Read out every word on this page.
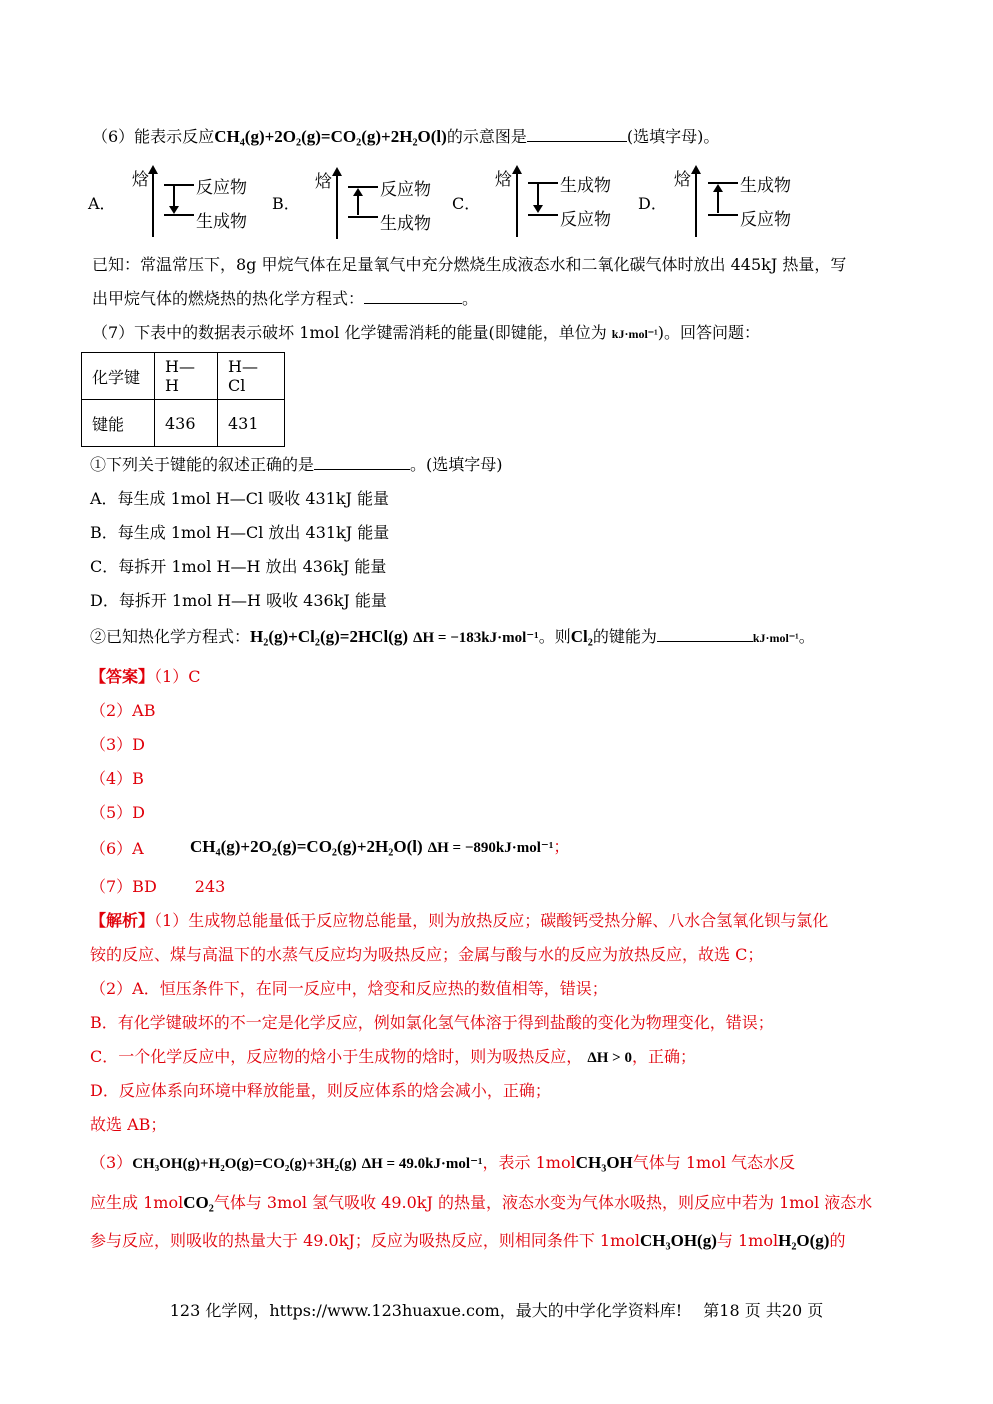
（6）能表示反应CH₄(g)+2O₂(g)=CO₂(g)+2H₂O(l)的示意图是	(选填字母)。
A．
焓	反应物
生成物
B．
焓	反应物
生成物
C．
焓	生成物
反应物
D．
焓	生成物
反应物
已知：常温常压下，8g 甲烷气体在足量氧气中充分燃烧生成液态水和二氧化碳气体时放出 445kJ 热量，写
出甲烷气体的燃烧热的热化学方程式：	。
（7）下表中的数据表示破坏 1mol 化学键需消耗的能量(即键能，单位为 kJ·mol⁻¹)。回答问题：
化学键	H—H	H—Cl
键能	436	431
①下列关于键能的叙述正确的是	。(选填字母)
A．每生成 1mol H—Cl 吸收 431kJ 能量
B．每生成 1mol H—Cl 放出 431kJ 能量
C．每拆开 1mol H—H 放出 436kJ 能量
D．每拆开 1mol H—H 吸收 436kJ 能量
②已知热化学方程式：H₂(g)+Cl₂(g)=2HCl(g) ΔH = −183kJ·mol⁻¹。则Cl₂的键能为	kJ·mol⁻¹。
【答案】（1）C
（2）AB
（3）D
（4）B
（5）D
（6）A	CH₄(g)+2O₂(g)=CO₂(g)+2H₂O(l) ΔH = −890kJ·mol⁻¹；
（7）BD 243
【解析】（1）生成物总能量低于反应物总能量，则为放热反应；碳酸钙受热分解、八水合氢氧化钡与氯化
铵的反应、煤与高温下的水蒸气反应均为吸热反应；金属与酸与水的反应为放热反应，故选 C；
（2）A．恒压条件下，在同一反应中，焓变和反应热的数值相等，错误；
B．有化学键破坏的不一定是化学反应，例如氯化氢气体溶于得到盐酸的变化为物理变化，错误；
C．一个化学反应中，反应物的焓小于生成物的焓时，则为吸热反应， ΔH > 0，正确；
D．反应体系向环境中释放能量，则反应体系的焓会减小，正确；
故选 AB；
（3）CH₃OH(g)+H₂O(g)=CO₂(g)+3H₂(g) ΔH = 49.0kJ·mol⁻¹，表示 1molCH₃OH气体与 1mol 气态水反
应生成 1molCO₂气体与 3mol 氢气吸收 49.0kJ 的热量，液态水变为气体水吸热，则反应中若为 1mol 液态水
参与反应，则吸收的热量大于 49.0kJ；反应为吸热反应，则相同条件下 1molCH₃OH(g)与 1molH₂O(g)的
123 化学网，https://www.123huaxue.com，最大的中学化学资料库!　 第18 页 共20 页
